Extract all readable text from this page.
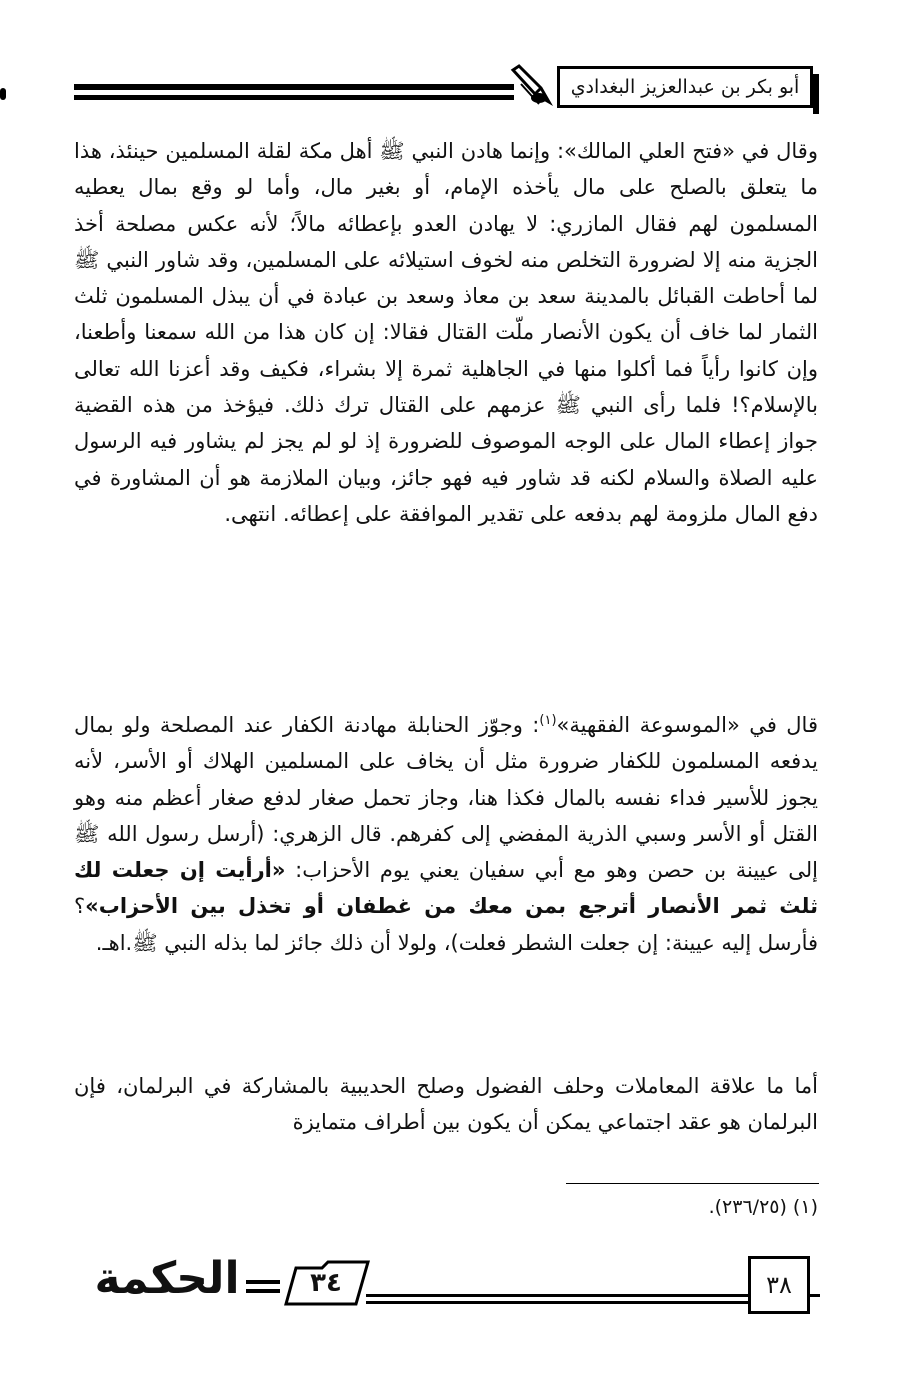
أبو بكر بن عبدالعزيز البغدادي

وقال في «فتح العلي المالك»: وإنما هادن النبي ﷺ أهل مكة لقلة المسلمين حينئذ، هذا ما يتعلق بالصلح على مال يأخذه الإمام، أو بغير مال، وأما لو وقع بمال يعطيه المسلمون لهم فقال المازري: لا يهادن العدو بإعطائه مالاً؛ لأنه عكس مصلحة أخذ الجزية منه إلا لضرورة التخلص منه لخوف استيلائه على المسلمين، وقد شاور النبي ﷺ لما أحاطت القبائل بالمدينة سعد بن معاذ وسعد بن عبادة في أن يبذل المسلمون ثلث الثمار لما خاف أن يكون الأنصار ملّت القتال فقالا: إن كان هذا من الله سمعنا وأطعنا، وإن كانوا رأياً فما أكلوا منها في الجاهلية ثمرة إلا بشراء، فكيف وقد أعزنا الله تعالى بالإسلام؟! فلما رأى النبي ﷺ عزمهم على القتال ترك ذلك. فيؤخذ من هذه القضية جواز إعطاء المال على الوجه الموصوف للضرورة إذ لو لم يجز لم يشاور فيه الرسول عليه الصلاة والسلام لكنه قد شاور فيه فهو جائز، وبيان الملازمة هو أن المشاورة في دفع المال ملزومة لهم بدفعه على تقدير الموافقة على إعطائه. انتهى.

قال في «الموسوعة الفقهية»$^{(١)}$: وجوّز الحنابلة مهادنة الكفار عند المصلحة ولو بمال يدفعه المسلمون للكفار ضرورة مثل أن يخاف على المسلمين الهلاك أو الأسر، لأنه يجوز للأسير فداء نفسه بالمال فكذا هنا، وجاز تحمل صغار لدفع صغار أعظم منه وهو القتل أو الأسر وسبي الذرية المفضي إلى كفرهم. قال الزهري: (أرسل رسول الله ﷺ إلى عيينة بن حصن وهو مع أبي سفيان يعني يوم الأحزاب: «أرأيت إن جعلت لك ثلث ثمر الأنصار أترجع بمن معك من غطفان أو تخذل بين الأحزاب»؟ فأرسل إليه عيينة: إن جعلت الشطر فعلت)، ولولا أن ذلك جائز لما بذله النبي ﷺ.اهـ.

أما ما علاقة المعاملات وحلف الفضول وصلح الحديبية بالمشاركة في البرلمان، فإن البرلمان هو عقد اجتماعي يمكن أن يكون بين أطراف متمايزة

(١) (٢٣٦/٢٥).
٣٨
٣٤
الحكمة
